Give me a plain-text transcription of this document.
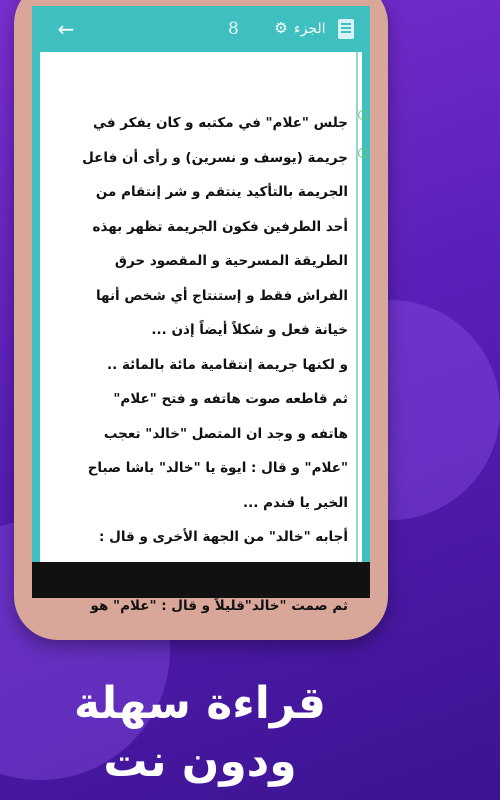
←	8 ⚙ الجزء
جلس "علام" في مكتبه و كان يفكر في
جريمة (يوسف و نسرين) و رأى أن فاعل
الجريمة بالتأكيد ينتقم و شر إنتقام من
أحد الطرفين فكون الجريمة تظهر بهذه
الطريقة المسرحية و المقصود حرق
الفراش فقط و إستنتاج أي شخص أنها
خيانة فعل و شكلاً أيضاً إذن ...
و لكنها جريمة إنتقامية مائة بالمائة ..
ثم قاطعه صوت هاتفه و فتح "علام"
هاتفه و وجد ان المتصل "خالد" تعجب
"علام" و قال : ايوة يا "خالد" باشا صباح
الخير يا فندم ...
أجابه "خالد" من الجهة الأخرى و قال :
ثم صمت "خالد"قليلاً و قال : "علام" هو
قراءة سهلة
ودون نت
